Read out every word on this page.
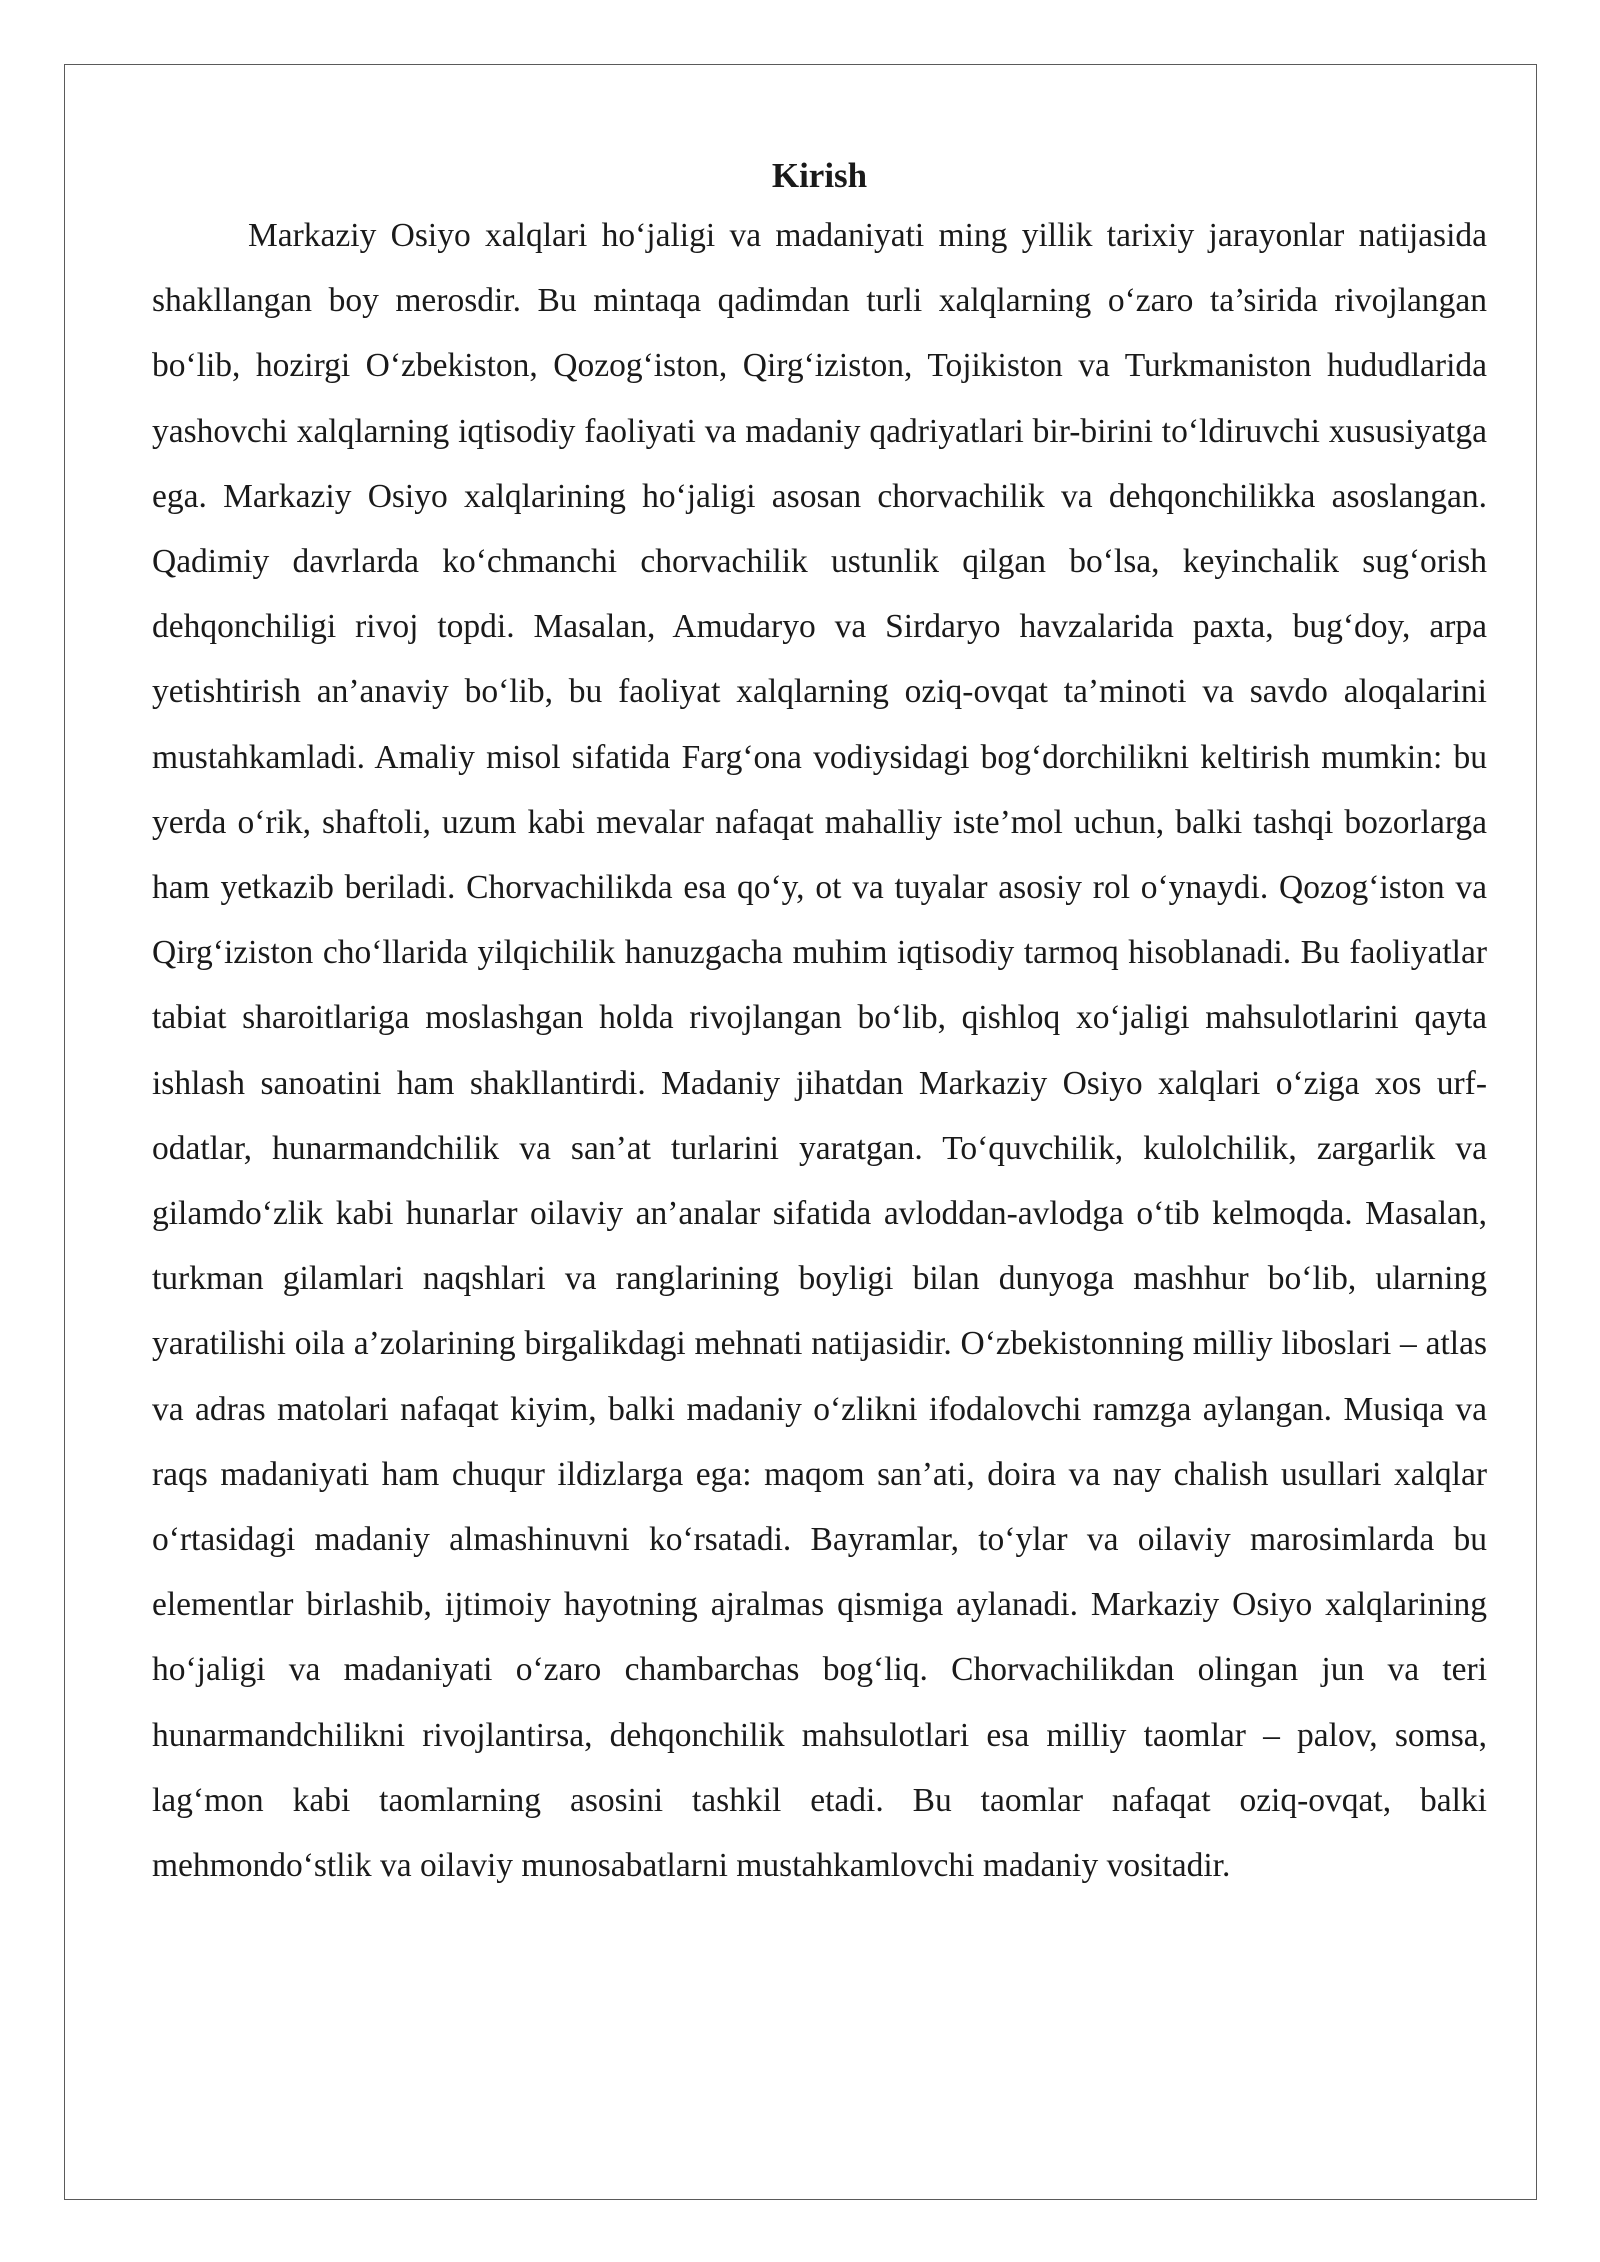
Kirish

Markaziy Osiyo xalqlari ho‘jaligi va madaniyati ming yillik tarixiy jarayonlar natijasida shakllangan boy merosdir. Bu mintaqa qadimdan turli xalqlarning o‘zaro ta’sirida rivojlangan bo‘lib, hozirgi O‘zbekiston, Qozog‘iston, Qirg‘iziston, Tojikiston va Turkmaniston hududlarida yashovchi xalqlarning iqtisodiy faoliyati va madaniy qadriyatlari bir-birini to‘ldiruvchi xususiyatga ega. Markaziy Osiyo xalqlarining ho‘jaligi asosan chorvachilik va dehqonchilikka asoslangan. Qadimiy davrlarda ko‘chmanchi chorvachilik ustunlik qilgan bo‘lsa, keyinchalik sug‘orish dehqonchiligi rivoj topdi. Masalan, Amudaryo va Sirdaryo havzalarida paxta, bug‘doy, arpa yetishtirish an’anaviy bo‘lib, bu faoliyat xalqlarning oziq-ovqat ta’minoti va savdo aloqalarini mustahkamladi. Amaliy misol sifatida Farg‘ona vodiysidagi bog‘dorchilikni keltirish mumkin: bu yerda o‘rik, shaftoli, uzum kabi mevalar nafaqat mahalliy iste’mol uchun, balki tashqi bozorlarga ham yetkazib beriladi. Chorvachilikda esa qo‘y, ot va tuyalar asosiy rol o‘ynaydi. Qozog‘iston va Qirg‘iziston cho‘llarida yilqichilik hanuzgacha muhim iqtisodiy tarmoq hisoblanadi. Bu faoliyatlar tabiat sharoitlariga moslashgan holda rivojlangan bo‘lib, qishloq xo‘jaligi mahsulotlarini qayta ishlash sanoatini ham shakllantirdi. Madaniy jihatdan Markaziy Osiyo xalqlari o‘ziga xos urf-odatlar, hunarmandchilik va san’at turlarini yaratgan. To‘quvchilik, kulolchilik, zargarlik va gilamdo‘zlik kabi hunarlar oilaviy an’analar sifatida avloddan-avlodga o‘tib kelmoqda. Masalan, turkman gilamlari naqshlari va ranglarining boyligi bilan dunyoga mashhur bo‘lib, ularning yaratilishi oila a’zolarining birgalikdagi mehnati natijasidir. O‘zbekistonning milliy liboslari – atlas va adras matolari nafaqat kiyim, balki madaniy o‘zlikni ifodalovchi ramzga aylangan. Musiqa va raqs madaniyati ham chuqur ildizlarga ega: maqom san’ati, doira va nay chalish usullari xalqlar o‘rtasidagi madaniy almashinuvni ko‘rsatadi. Bayramlar, to‘ylar va oilaviy marosimlarda bu elementlar birlashib, ijtimoiy hayotning ajralmas qismiga aylanadi. Markaziy Osiyo xalqlarining ho‘jaligi va madaniyati o‘zaro chambarchas bog‘liq. Chorvachilikdan olingan jun va teri hunarmandchilikni rivojlantirsa, dehqonchilik mahsulotlari esa milliy taomlar – palov, somsa, lag‘mon kabi taomlarning asosini tashkil etadi. Bu taomlar nafaqat oziq-ovqat, balki mehmondo‘stlik va oilaviy munosabatlarni mustahkamlovchi madaniy vositadir.
